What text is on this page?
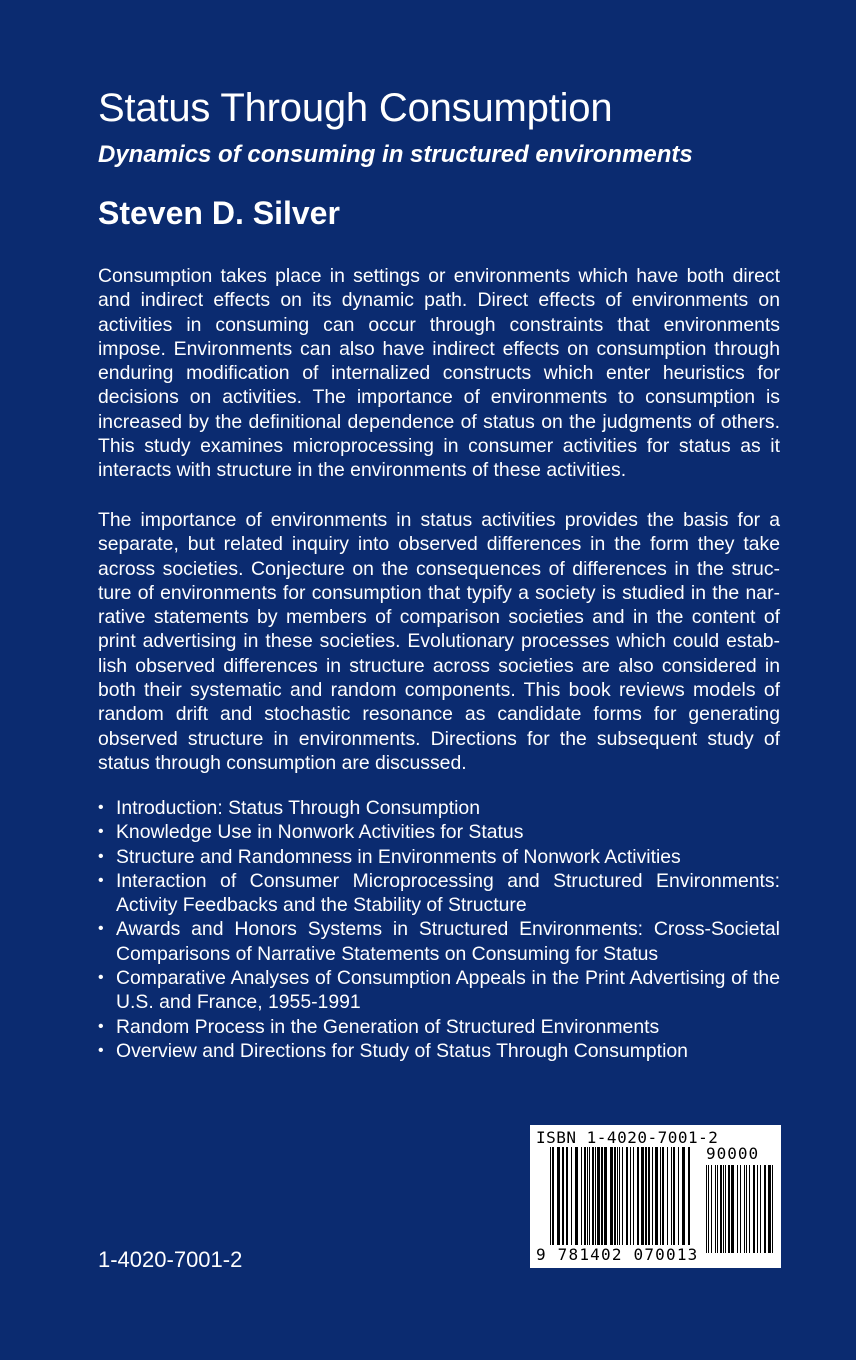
Status Through Consumption
Dynamics of consuming in structured environments
Steven D. Silver

Consumption takes place in settings or environments which have both direct and indirect effects on its dynamic path. Direct effects of environments on activities in consuming can occur through constraints that environments impose. Environments can also have indirect effects on consumption through enduring modification of internalized constructs which enter heuristics for decisions on activities. The importance of environments to consumption is increased by the definitional dependence of status on the judgments of others. This study examines microprocessing in consumer activities for status as it interacts with structure in the environments of these activities.

The importance of environments in status activities provides the basis for a separate, but related inquiry into observed differences in the form they take across societies. Conjecture on the consequences of differences in the structure of environments for consumption that typify a society is studied in the narrative statements by members of comparison societies and in the content of print advertising in these societies. Evolutionary processes which could establish observed differences in structure across societies are also considered in both their systematic and random components. This book reviews models of random drift and stochastic resonance as candidate forms for generating observed structure in environments. Directions for the subsequent study of status through consumption are discussed.

• Introduction: Status Through Consumption
• Knowledge Use in Nonwork Activities for Status
• Structure and Randomness in Environments of Nonwork Activities
• Interaction of Consumer Microprocessing and Structured Environments: Activity Feedbacks and the Stability of Structure
• Awards and Honors Systems in Structured Environments: Cross-Societal Comparisons of Narrative Statements on Consuming for Status
• Comparative Analyses of Consumption Appeals in the Print Advertising of the U.S. and France, 1955-1991
• Random Process in the Generation of Structured Environments
• Overview and Directions for Study of Status Through Consumption
ISBN 1-4020-7001-2
90000
9 781402 070013
1-4020-7001-2
